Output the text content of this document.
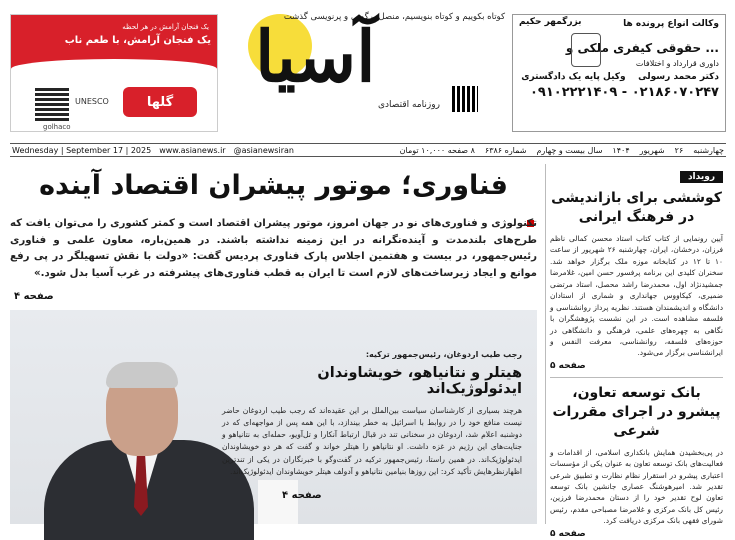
یک فنجان آرامش در هر لحظه
یک فنجان آرامش، با طعم ناب
UNESCO	گلها
golhaco
کوتاه بکوییم و کوتاه بنویسیم، منصل پرگویی و پرنویسی گذشت
آسیا
روزنامه اقتصادی
بزرگمهر حکیم	وکالت انواع پرونده ها
حقوقی کیفری ملکی و ...
داوری قرارداد و اختلافات
دکتر محمد رسولی    وکیل پایه یک دادگستری
۰۹۱۰۲۲۲۱۴۰۹ - ۰۲۱۸۶۰۷۰۲۴۷
Wednesday | September 17 | 2025 www.asianews.ir @asianewsiran	چهارشنبه
۲۶
شهریور
۱۴۰۴
سال بیست و چهارم
شماره ۶۳۸۶
۸ صفحه ۱۰,۰۰۰ تومان
رویداد
کوششی برای بازاندیشی در فرهنگ ایرانی
آیین رونمایی از کتاب کتاب استاد محسن کمالی ناظم فرزان، درخشان، ایران، چهارشنبه ۲۶ شهریور از ساعت ۱۰ تا ۱۲ در کتابخانه موزه ملک برگزار خواهد شد. سخنران کلیدی این برنامه پرفسور حسن امین، غلامرضا جمشیدنژاد اول، محمدرضا راشد محصل، استاد مرتضی ضمیری، کیکاووس جهانداری و شماری از استادان دانشگاه و اندیشمندان هستند. نظریه پرداز روانشناسی و فلسفه مشاهده است. در این نشست پژوهشگران با نگاهی به چهره‌های علمی، فرهنگی و دانشگاهی در حوزه‌های فلسفه، روانشناسی، معرفت النفس و ایرانشناسی برگزار می‌شود.
صفحه ۵
بانک توسعه تعاون، پیشرو در اجرای مقررات شرعی
در پی‌بخشیدن همایش بانکداری اسلامی، از اقدامات و فعالیت‌های بانک توسعه تعاون به عنوان یکی از مؤسسات اعتباری پیشرو در استقرار نظام نظارت و تطبیق شرعی تقدیر شد. امیرهوشنگ عصاری جانشین بانک توسعه تعاون لوح تقدیر خود را از دستان محمدرضا فرزین، رئیس کل بانک مرکزی و غلامرضا مصباحی مقدم، رئیس شورای فقهی بانک مرکزی دریافت کرد.
صفحه ۵
فناوری؛ موتور پیشران اقتصاد آینده
تکنولوژی و فناوری‌های نو در جهان امروز، موتور پیشران اقتصاد است و کمتر کشوری را می‌توان یافت که طرح‌های بلندمدت و آینده‌نگرانه در این زمینه نداشته باشند. در همین‌باره، معاون علمی و فناوری رئیس‌جمهور، در بیست و هفتمین اجلاس پارک فناوری پردیس گفت: «دولت با نقش تسهیلگر در پی رفع موانع و ایجاد زیرساخت‌های لازم است تا ایران به قطب فناوری‌های پیشرفته در غرب آسیا بدل شود.»
صفحه ۴
رجب طیب اردوغان، رئیس‌جمهور ترکیه:
هیتلر و نتانیاهو، خویشاوندان ایدئولوژیک‌اند
هرچند بسیاری از کارشناسان سیاست بین‌الملل بر این عقیده‌اند که رجب طیب اردوغان حاضر نیست منافع خود را در روابط با اسرائیل به خطر بیندازد، با این همه پس از مواجهه‌ای که در دوشنبه اعلام شد، اردوغان در سخنانی تند در قبال ارتباط آنکارا و تل‌آویو، حمله‌ای به نتانیاهو و جنایت‌های این رژیم در غزه داشت. او نتانیاهو را هیتلر خواند و گفت که هر دو خویشاوندان ایدئولوژیک‌اند. در همین راستا، رئیس‌جمهور ترکیه در گفت‌وگو با خبرنگاران در یکی از تندترین اظهارنظرهایش تأکید کرد: این روزها بنیامین نتانیاهو و آدولف هیتلر خویشاوندان ایدئولوژیک‌اند.
صفحه ۴
